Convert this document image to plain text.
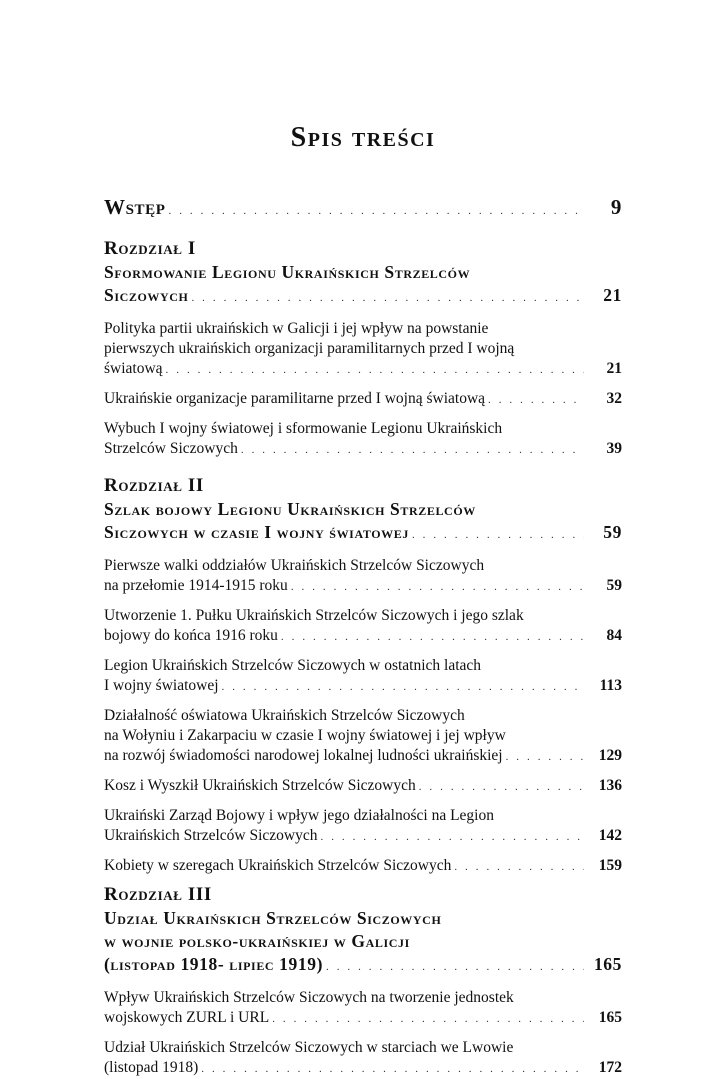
Spis treści
Wstęp . . .	9
Rozdział I
Sformowanie Legionu Ukraińskich Strzelców
Siczowych . . .	21
Polityka partii ukraińskich w Galicji i jej wpływ na powstanie
pierwszych ukraińskich organizacji paramilitarnych przed I wojną
światową . . .	21
Ukraińskie organizacje paramilitarne przed I wojną światową . . .	32
Wybuch I wojny światowej i sformowanie Legionu Ukraińskich
Strzelców Siczowych . . .	39
Rozdział II
Szlak bojowy Legionu Ukraińskich Strzelców
Siczowych w czasie I wojny światowej . . .	59
Pierwsze walki oddziałów Ukraińskich Strzelców Siczowych
na przełomie 1914-1915 roku . . .	59
Utworzenie 1. Pułku Ukraińskich Strzelców Siczowych i jego szlak
bojowy do końca 1916 roku . . .	84
Legion Ukraińskich Strzelców Siczowych w ostatnich latach
I wojny światowej . . .	113
Działalność oświatowa Ukraińskich Strzelców Siczowych
na Wołyniu i Zakarpaciu w czasie I wojny światowej i jej wpływ
na rozwój świadomości narodowej lokalnej ludności ukraińskiej . . .	129
Kosz i Wyszkił Ukraińskich Strzelców Siczowych . . .	136
Ukraiński Zarząd Bojowy i wpływ jego działalności na Legion
Ukraińskich Strzelców Siczowych . . .	142
Kobiety w szeregach Ukraińskich Strzelców Siczowych . . .	159
Rozdział III
Udział Ukraińskich Strzelców Siczowych
w wojnie polsko-ukraińskiej w Galicji
(listopad 1918- lipiec 1919) . . .	165
Wpływ Ukraińskich Strzelców Siczowych na tworzenie jednostek
wojskowych ZURL i URL . . .	165
Udział Ukraińskich Strzelców Siczowych w starciach we Lwowie
(listopad 1918) . . .	172
